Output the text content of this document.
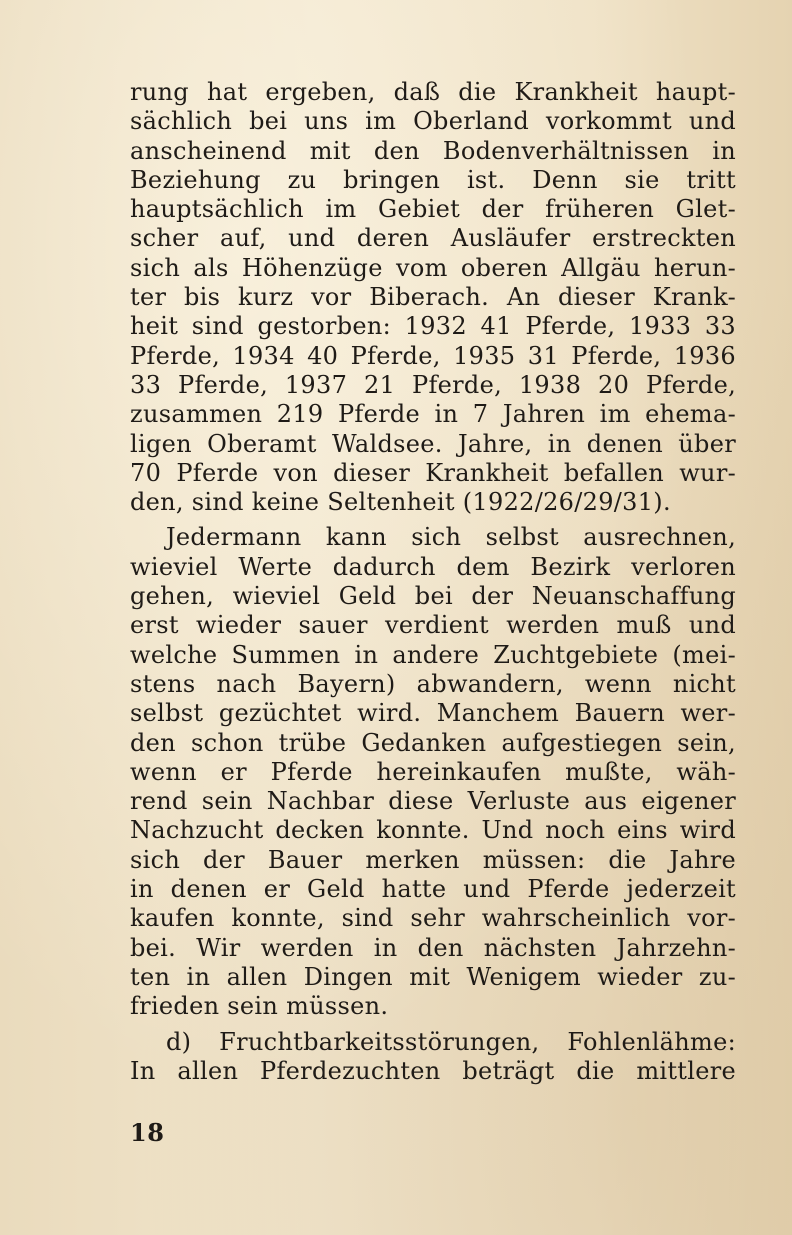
rung hat ergeben, daß die Krankheit haupt-
sächlich bei uns im Oberland vorkommt und
anscheinend mit den Bodenverhältnissen in
Beziehung zu bringen ist. Denn sie tritt
hauptsächlich im Gebiet der früheren Glet-
scher auf, und deren Ausläufer erstreckten
sich als Höhenzüge vom oberen Allgäu herun-
ter bis kurz vor Biberach. An dieser Krank-
heit sind gestorben: 1932 41 Pferde, 1933 33
Pferde, 1934 40 Pferde, 1935 31 Pferde, 1936
33 Pferde, 1937 21 Pferde, 1938 20 Pferde,
zusammen 219 Pferde in 7 Jahren im ehema-
ligen Oberamt Waldsee. Jahre, in denen über
70 Pferde von dieser Krankheit befallen wur-
den, sind keine Seltenheit (1922/26/29/31).
Jedermann kann sich selbst ausrechnen,
wieviel Werte dadurch dem Bezirk verloren
gehen, wieviel Geld bei der Neuanschaffung
erst wieder sauer verdient werden muß und
welche Summen in andere Zuchtgebiete (mei-
stens nach Bayern) abwandern, wenn nicht
selbst gezüchtet wird. Manchem Bauern wer-
den schon trübe Gedanken aufgestiegen sein,
wenn er Pferde hereinkaufen mußte, wäh-
rend sein Nachbar diese Verluste aus eigener
Nachzucht decken konnte. Und noch eins wird
sich der Bauer merken müssen: die Jahre
in denen er Geld hatte und Pferde jederzeit
kaufen konnte, sind sehr wahrscheinlich vor-
bei. Wir werden in den nächsten Jahrzehn-
ten in allen Dingen mit Wenigem wieder zu-
frieden sein müssen.
d) Fruchtbarkeitsstörungen, Fohlenlähme:
In allen Pferdezuchten beträgt die mittlere
18
